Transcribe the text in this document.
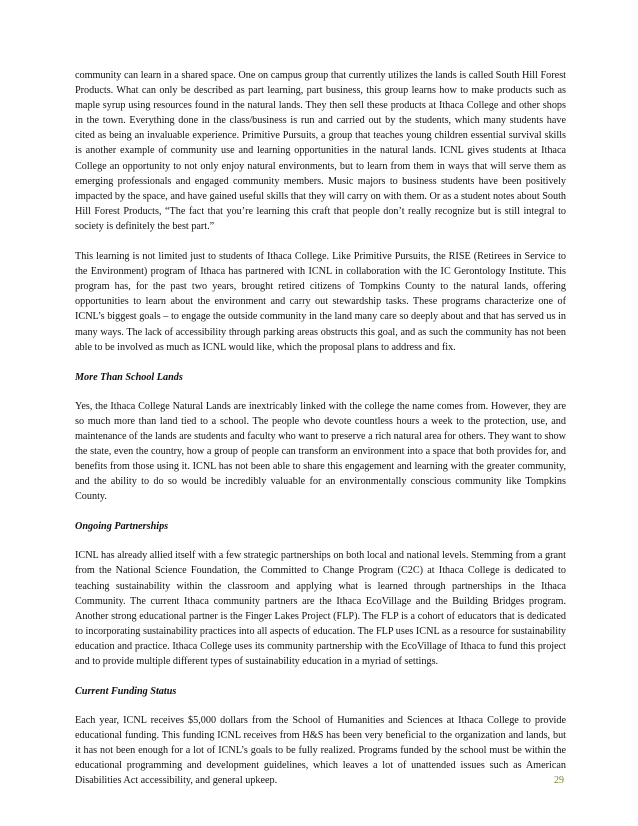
community can learn in a shared space. One on campus group that currently utilizes the lands is called South Hill Forest Products. What can only be described as part learning, part business, this group learns how to make products such as maple syrup using resources found in the natural lands. They then sell these products at Ithaca College and other shops in the town. Everything done in the class/business is run and carried out by the students, which many students have cited as being an invaluable experience. Primitive Pursuits, a group that teaches young children essential survival skills is another example of community use and learning opportunities in the natural lands. ICNL gives students at Ithaca College an opportunity to not only enjoy natural environments, but to learn from them in ways that will serve them as emerging professionals and engaged community members. Music majors to business students have been positively impacted by the space, and have gained useful skills that they will carry on with them. Or as a student notes about South Hill Forest Products, “The fact that you’re learning this craft that people don’t really recognize but is still integral to society is definitely the best part.”

This learning is not limited just to students of Ithaca College. Like Primitive Pursuits, the RISE (Retirees in Service to the Environment) program of Ithaca has partnered with ICNL in collaboration with the IC Gerontology Institute. This program has, for the past two years, brought retired citizens of Tompkins County to the natural lands, offering opportunities to learn about the environment and carry out stewardship tasks. These programs characterize one of ICNL’s biggest goals – to engage the outside community in the land many care so deeply about and that has served us in many ways. The lack of accessibility through parking areas obstructs this goal, and as such the community has not been able to be involved as much as ICNL would like, which the proposal plans to address and fix.

More Than School Lands

Yes, the Ithaca College Natural Lands are inextricably linked with the college the name comes from. However, they are so much more than land tied to a school. The people who devote countless hours a week to the protection, use, and maintenance of the lands are students and faculty who want to preserve a rich natural area for others. They want to show the state, even the country, how a group of people can transform an environment into a space that both provides for, and benefits from those using it. ICNL has not been able to share this engagement and learning with the greater community, and the ability to do so would be incredibly valuable for an environmentally conscious community like Tompkins County.

Ongoing Partnerships

ICNL has already allied itself with a few strategic partnerships on both local and national levels. Stemming from a grant from the National Science Foundation, the Committed to Change Program (C2C) at Ithaca College is dedicated to teaching sustainability within the classroom and applying what is learned through partnerships in the Ithaca Community. The current Ithaca community partners are the Ithaca EcoVillage and the Building Bridges program. Another strong educational partner is the Finger Lakes Project (FLP). The FLP is a cohort of educators that is dedicated to incorporating sustainability practices into all aspects of education. The FLP uses ICNL as a resource for sustainability education and practice. Ithaca College uses its community partnership with the EcoVillage of Ithaca to fund this project and to provide multiple different types of sustainability education in a myriad of settings.

Current Funding Status

Each year, ICNL receives $5,000 dollars from the School of Humanities and Sciences at Ithaca College to provide educational funding. This funding ICNL receives from H&S has been very beneficial to the organization and lands, but it has not been enough for a lot of ICNL’s goals to be fully realized. Programs funded by the school must be within the educational programming and development guidelines, which leaves a lot of unattended issues such as American Disabilities Act accessibility, and general upkeep.	29
